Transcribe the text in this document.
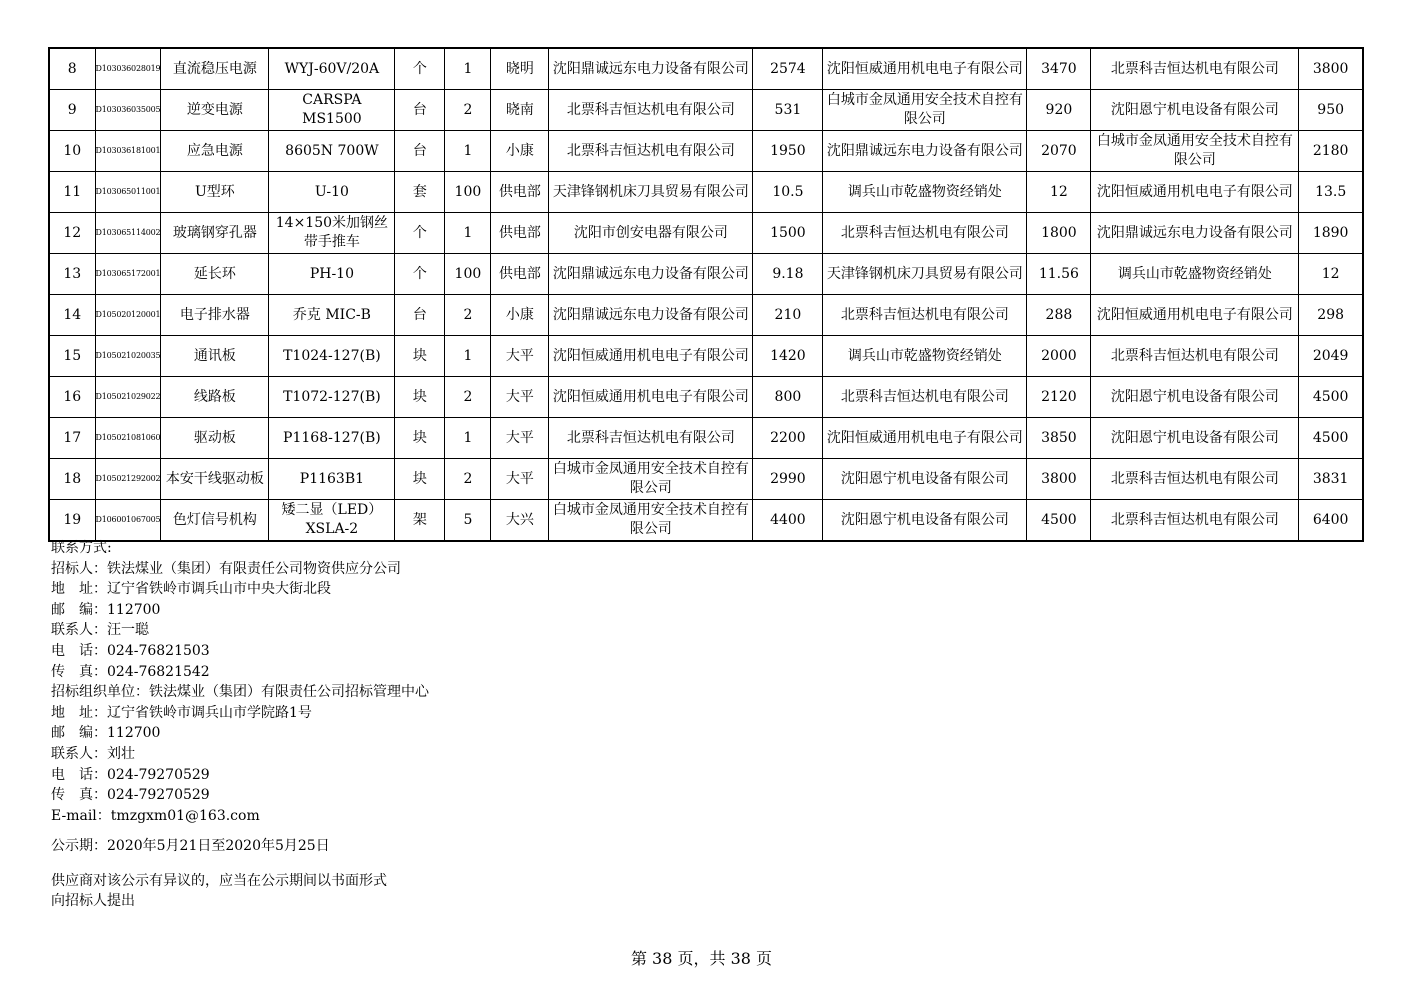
8	D103036028019	直流稳压电源	WYJ-60V/20A	个	1	晓明	沈阳鼎诚远东电力设备有限公司	2574	沈阳恒威通用机电电子有限公司	3470	北票科吉恒达机电有限公司	3800
9	D103036035005	逆变电源	CARSPA MS1500	台	2	晓南	北票科吉恒达机电有限公司	531	白城市金凤通用安全技术自控有限公司	920	沈阳恩宁机电设备有限公司	950
10	D103036181001	应急电源	8605N 700W	台	1	小康	北票科吉恒达机电有限公司	1950	沈阳鼎诚远东电力设备有限公司	2070	白城市金凤通用安全技术自控有限公司	2180
11	D103065011001	U型环	U-10	套	100	供电部	天津锋钢机床刀具贸易有限公司	10.5	调兵山市乾盛物资经销处	12	沈阳恒威通用机电电子有限公司	13.5
12	D103065114002	玻璃钢穿孔器	14×150米加钢丝 带手推车	个	1	供电部	沈阳市创安电器有限公司	1500	北票科吉恒达机电有限公司	1800	沈阳鼎诚远东电力设备有限公司	1890
13	D103065172001	延长环	PH-10	个	100	供电部	沈阳鼎诚远东电力设备有限公司	9.18	天津锋钢机床刀具贸易有限公司	11.56	调兵山市乾盛物资经销处	12
14	D105020120001	电子排水器	乔克 MIC-B	台	2	小康	沈阳鼎诚远东电力设备有限公司	210	北票科吉恒达机电有限公司	288	沈阳恒威通用机电电子有限公司	298
15	D105021020035	通讯板	T1024-127(B)	块	1	大平	沈阳恒威通用机电电子有限公司	1420	调兵山市乾盛物资经销处	2000	北票科吉恒达机电有限公司	2049
16	D105021029022	线路板	T1072-127(B)	块	2	大平	沈阳恒威通用机电电子有限公司	800	北票科吉恒达机电有限公司	2120	沈阳恩宁机电设备有限公司	4500
17	D105021081060	驱动板	P1168-127(B)	块	1	大平	北票科吉恒达机电有限公司	2200	沈阳恒威通用机电电子有限公司	3850	沈阳恩宁机电设备有限公司	4500
18	D105021292002	本安干线驱动板	P1163B1	块	2	大平	白城市金凤通用安全技术自控有限公司	2990	沈阳恩宁机电设备有限公司	3800	北票科吉恒达机电有限公司	3831
19	D106001067005	色灯信号机构	矮二显（LED）XSLA-2	架	5	大兴	白城市金凤通用安全技术自控有限公司	4400	沈阳恩宁机电设备有限公司	4500	北票科吉恒达机电有限公司	6400
联系方式:
招标人：铁法煤业（集团）有限责任公司物资供应分公司
地　址：辽宁省铁岭市调兵山市中央大街北段
邮　编：112700
联系人：汪一聪
电　话：024-76821503
传　真：024-76821542
招标组织单位：铁法煤业（集团）有限责任公司招标管理中心
地　址：辽宁省铁岭市调兵山市学院路1号
邮　编：112700
联系人：刘壮
电　话：024-79270529
传　真：024-79270529
E-mail：tmzgxm01@163.com
公示期：2020年5月21日至2020年5月25日
供应商对该公示有异议的，应当在公示期间以书面形式
向招标人提出
第 38 页，共 38 页
